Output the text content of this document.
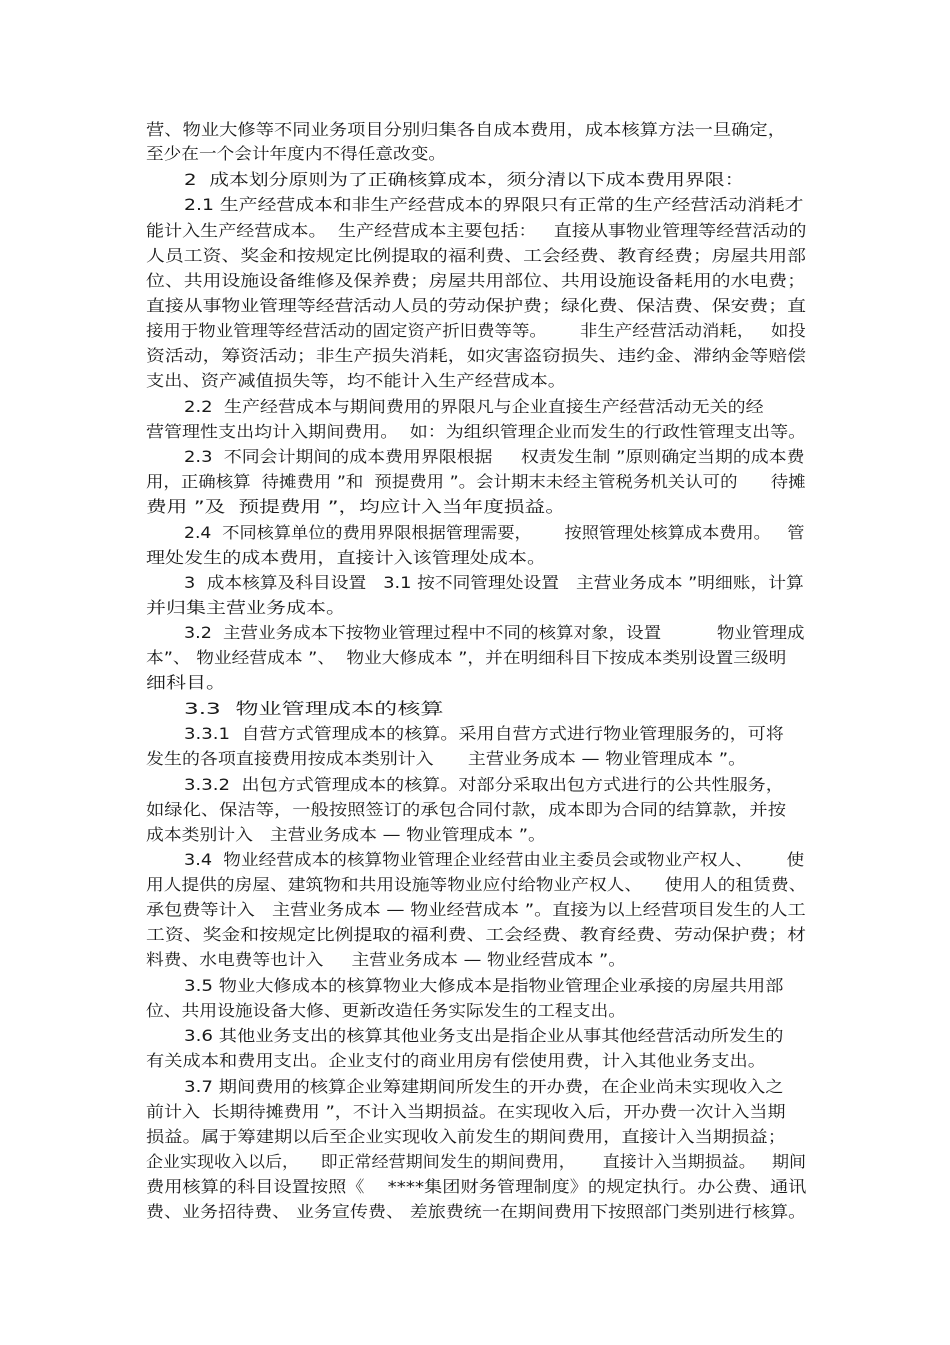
营、物业大修等不同业务项目分别归集各自成本费用，成本核算方法一旦确定，
至少在一个会计年度内不得任意改变。
2  成本划分原则为了正确核算成本，须分清以下成本费用界限：
2.1 生产经营成本和非生产经营成本的界限只有正常的生产经营活动消耗才
能计入生产经营成本。  生产经营成本主要包括：   直接从事物业管理等经营活动的
人员工资、奖金和按规定比例提取的福利费、工会经费、教育经费；房屋共用部
位、共用设施设备维修及保养费；房屋共用部位、共用设施设备耗用的水电费；
直接从事物业管理等经营活动人员的劳动保护费；绿化费、保洁费、保安费；直
接用于物业管理等经营活动的固定资产折旧费等等。      非生产经营活动消耗，   如投
资活动，筹资活动；非生产损失消耗，如灾害盗窃损失、违约金、滞纳金等赔偿
支出、资产减值损失等，均不能计入生产经营成本。
2.2  生产经营成本与期间费用的界限凡与企业直接生产经营活动无关的经
营管理性支出均计入期间费用。  如：为组织管理企业而发生的行政性管理支出等。
2.3  不同会计期间的成本费用界限根据     权责发生制 ”原则确定当期的成本费
用，正确核算  待摊费用 ”和  预提费用 ”。会计期末未经主管税务机关认可的      待摊
费用 ”及  预提费用 ”，均应计入当年度损益。
2.4  不同核算单位的费用界限根据管理需要，      按照管理处核算成本费用。   管
理处发生的成本费用，直接计入该管理处成本。
3  成本核算及科目设置   3.1 按不同管理处设置   主营业务成本 ”明细账，计算
并归集主营业务成本。
3.2  主营业务成本下按物业管理过程中不同的核算对象，设置          物业管理成
本”、 物业经营成本 ”、  物业大修成本 ”，并在明细科目下按成本类别设置三级明
细科目。
3.3  物业管理成本的核算
3.3.1  自营方式管理成本的核算。采用自营方式进行物业管理服务的，可将
发生的各项直接费用按成本类别计入      主营业务成本 — 物业管理成本 ”。
3.3.2  出包方式管理成本的核算。对部分采取出包方式进行的公共性服务，
如绿化、保洁等，一般按照签订的承包合同付款，成本即为合同的结算款，并按
成本类别计入   主营业务成本 — 物业管理成本 ”。
3.4  物业经营成本的核算物业管理企业经营由业主委员会或物业产权人、      使
用人提供的房屋、建筑物和共用设施等物业应付给物业产权人、    使用人的租赁费、
承包费等计入   主营业务成本 — 物业经营成本 ”。直接为以上经营项目发生的人工
工资、奖金和按规定比例提取的福利费、工会经费、教育经费、劳动保护费；材
料费、水电费等也计入     主营业务成本 — 物业经营成本 ”。
3.5 物业大修成本的核算物业大修成本是指物业管理企业承接的房屋共用部
位、共用设施设备大修、更新改造任务实际发生的工程支出。
3.6 其他业务支出的核算其他业务支出是指企业从事其他经营活动所发生的
有关成本和费用支出。企业支付的商业用房有偿使用费，计入其他业务支出。
3.7 期间费用的核算企业筹建期间所发生的开办费，在企业尚未实现收入之
前计入  长期待摊费用 ”，不计入当期损益。在实现收入后，开办费一次计入当期
损益。属于筹建期以后至企业实现收入前发生的期间费用，直接计入当期损益；
企业实现收入以后，    即正常经营期间发生的期间费用，     直接计入当期损益。   期间
费用核算的科目设置按照《    ****集团财务管理制度》的规定执行。办公费、通讯
费、业务招待费、 业务宣传费、 差旅费统一在期间费用下按照部门类别进行核算。
